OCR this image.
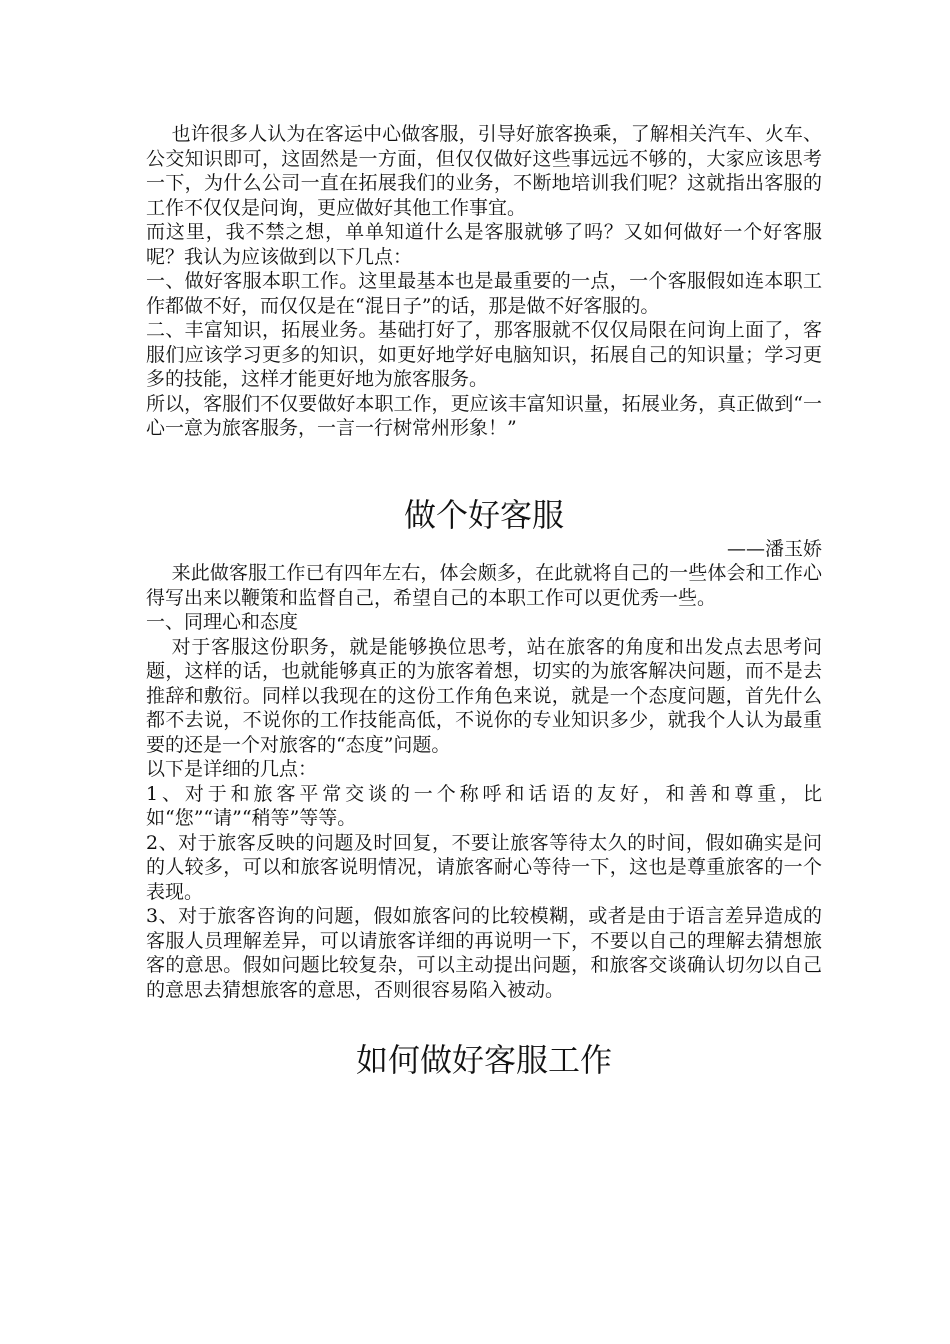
也许很多人认为在客运中心做客服，引导好旅客换乘，了解相关汽车、火车、公交知识即可，这固然是一方面，但仅仅做好这些事远远不够的，大家应该思考一下，为什么公司一直在拓展我们的业务，不断地培训我们呢？这就指出客服的工作不仅仅是问询，更应做好其他工作事宜。

而这里，我不禁之想，单单知道什么是客服就够了吗？又如何做好一个好客服呢？我认为应该做到以下几点：

一、做好客服本职工作。这里最基本也是最重要的一点，一个客服假如连本职工作都做不好，而仅仅是在“混日子”的话，那是做不好客服的。

二、丰富知识，拓展业务。基础打好了，那客服就不仅仅局限在问询上面了，客服们应该学习更多的知识，如更好地学好电脑知识，拓展自己的知识量；学习更多的技能，这样才能更好地为旅客服务。

所以，客服们不仅要做好本职工作，更应该丰富知识量，拓展业务，真正做到“一心一意为旅客服务，一言一行树常州形象！”

做个好客服

——潘玉娇

来此做客服工作已有四年左右，体会颇多，在此就将自己的一些体会和工作心得写出来以鞭策和监督自己，希望自己的本职工作可以更优秀一些。

一、同理心和态度

对于客服这份职务，就是能够换位思考，站在旅客的角度和出发点去思考问题，这样的话，也就能够真正的为旅客着想，切实的为旅客解决问题，而不是去推辞和敷衍。同样以我现在的这份工作角色来说，就是一个态度问题，首先什么都不去说，不说你的工作技能高低，不说你的专业知识多少，就我个人认为最重要的还是一个对旅客的“态度”问题。

以下是详细的几点：

1、对于和旅客平常交谈的一个称呼和话语的友好，和善和尊重，比如“您”“请”“稍等”等等。

2、对于旅客反映的问题及时回复，不要让旅客等待太久的时间，假如确实是问的人较多，可以和旅客说明情况，请旅客耐心等待一下，这也是尊重旅客的一个表现。

3、对于旅客咨询的问题，假如旅客问的比较模糊，或者是由于语言差异造成的客服人员理解差异，可以请旅客详细的再说明一下，不要以自己的理解去猜想旅客的意思。假如问题比较复杂，可以主动提出问题，和旅客交谈确认切勿以自己的意思去猜想旅客的意思，否则很容易陷入被动。

如何做好客服工作
